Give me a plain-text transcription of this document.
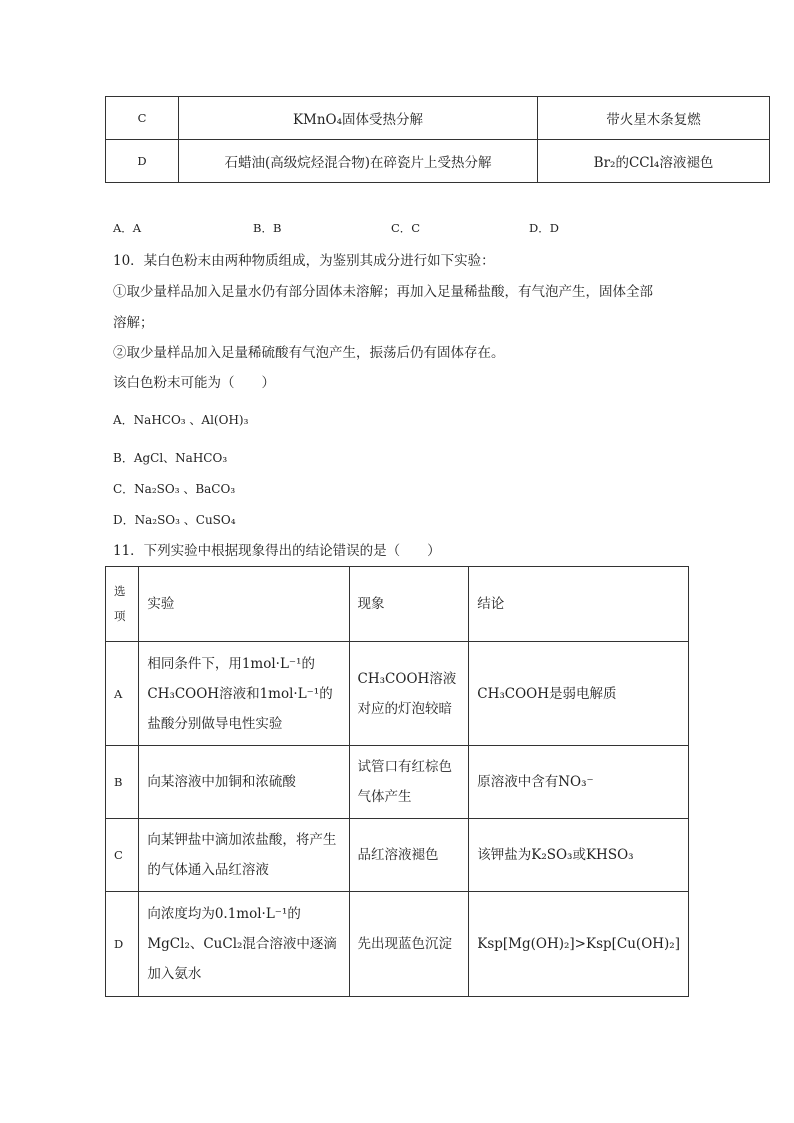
C	KMnO₄固体受热分解	带火星木条复燃
D	石蜡油(高级烷烃混合物)在碎瓷片上受热分解	Br₂的CCl₄溶液褪色
A．A	B．B	C．C	D．D
10．某白色粉末由两种物质组成，为鉴别其成分进行如下实验：
①取少量样品加入足量水仍有部分固体未溶解；再加入足量稀盐酸，有气泡产生，固体全部
溶解；
②取少量样品加入足量稀硫酸有气泡产生，振荡后仍有固体存在。
该白色粉末可能为（　　）
A．NaHCO₃ 、Al(OH)₃
B．AgCl、NaHCO₃
C．Na₂SO₃ 、BaCO₃
D．Na₂SO₃ 、CuSO₄
11．下列实验中根据现象得出的结论错误的是（　　）
选项	实验	现象	结论
A	相同条件下，用1mol·L⁻¹的CH₃COOH溶液和1mol·L⁻¹的盐酸分别做导电性实验	CH₃COOH溶液对应的灯泡较暗	CH₃COOH是弱电解质
B	向某溶液中加铜和浓硫酸	试管口有红棕色气体产生	原溶液中含有NO₃⁻
C	向某钾盐中滴加浓盐酸，将产生的气体通入品红溶液	品红溶液褪色	该钾盐为K₂SO₃或KHSO₃
D	向浓度均为0.1mol·L⁻¹的MgCl₂、CuCl₂混合溶液中逐滴加入氨水	先出现蓝色沉淀	Ksp[Mg(OH)₂]>Ksp[Cu(OH)₂]
